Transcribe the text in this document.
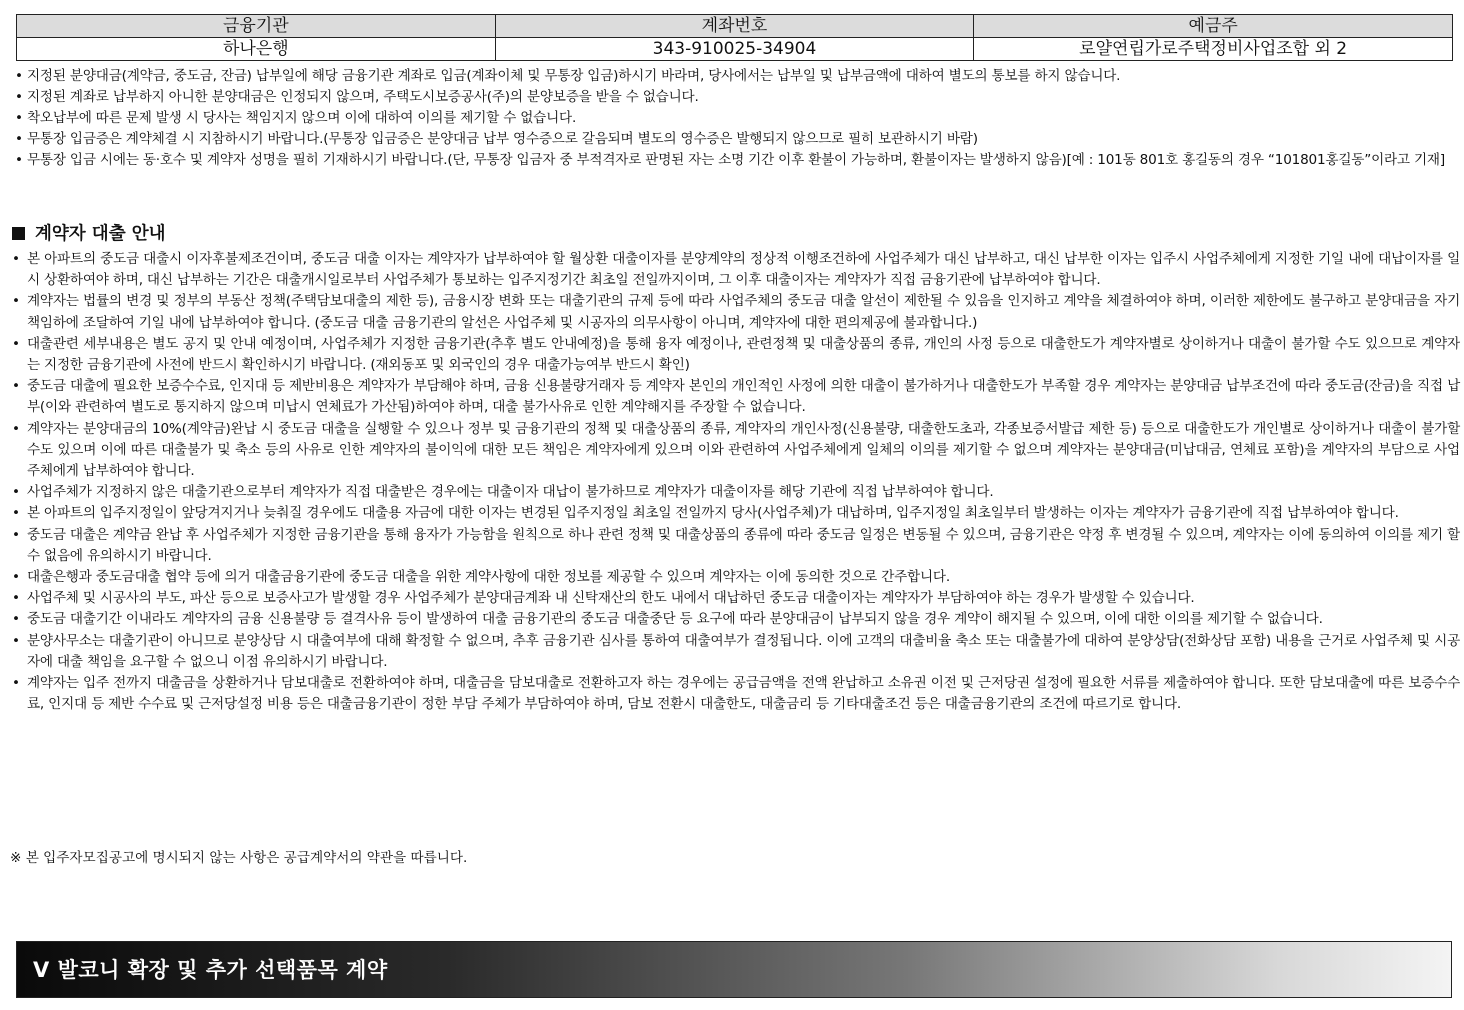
금융기관	계좌번호	예금주
하나은행	343-910025-34904	로얄연립가로주택정비사업조합 외 2
• 지정된 분양대금(계약금, 중도금, 잔금) 납부일에 해당 금융기관 계좌로 입금(계좌이체 및 무통장 입금)하시기 바라며, 당사에서는 납부일 및 납부금액에 대하여 별도의 통보를 하지 않습니다.
• 지정된 계좌로 납부하지 아니한 분양대금은 인정되지 않으며, 주택도시보증공사(주)의 분양보증을 받을 수 없습니다.
• 착오납부에 따른 문제 발생 시 당사는 책임지지 않으며 이에 대하여 이의를 제기할 수 없습니다.
• 무통장 입금증은 계약체결 시 지참하시기 바랍니다.(무통장 입금증은 분양대금 납부 영수증으로 갈음되며 별도의 영수증은 발행되지 않으므로 필히 보관하시기 바람)
• 무통장 입금 시에는 동·호수 및 계약자 성명을 필히 기재하시기 바랍니다.(단, 무통장 입금자 중 부적격자로 판명된 자는 소명 기간 이후 환불이 가능하며, 환불이자는 발생하지 않음)[예 : 101동 801호 홍길동의 경우 “101801홍길동”이라고 기재]
계약자 대출 안내
• 본 아파트의 중도금 대출시 이자후불제조건이며, 중도금 대출 이자는 계약자가 납부하여야 할 월상환 대출이자를 분양계약의 정상적 이행조건하에 사업주체가 대신 납부하고, 대신 납부한 이자는 입주시 사업주체에게 지정한 기일 내에 대납이자를 일시 상환하여야 하며, 대신 납부하는 기간은 대출개시일로부터 사업주체가 통보하는 입주지정기간 최초일 전일까지이며, 그 이후 대출이자는 계약자가 직접 금융기관에 납부하여야 합니다.
• 계약자는 법률의 변경 및 정부의 부동산 정책(주택담보대출의 제한 등), 금융시장 변화 또는 대출기관의 규제 등에 따라 사업주체의 중도금 대출 알선이 제한될 수 있음을 인지하고 계약을 체결하여야 하며, 이러한 제한에도 불구하고 분양대금을 자기 책임하에 조달하여 기일 내에 납부하여야 합니다. (중도금 대출 금융기관의 알선은 사업주체 및 시공자의 의무사항이 아니며, 계약자에 대한 편의제공에 불과합니다.)
• 대출관련 세부내용은 별도 공지 및 안내 예정이며, 사업주체가 지정한 금융기관(추후 별도 안내예정)을 통해 융자 예정이나, 관련정책 및 대출상품의 종류, 개인의 사정 등으로 대출한도가 계약자별로 상이하거나 대출이 불가할 수도 있으므로 계약자는 지정한 금융기관에 사전에 반드시 확인하시기 바랍니다. (재외동포 및 외국인의 경우 대출가능여부 반드시 확인)
• 중도금 대출에 필요한 보증수수료, 인지대 등 제반비용은 계약자가 부담해야 하며, 금융 신용불량거래자 등 계약자 본인의 개인적인 사정에 의한 대출이 불가하거나 대출한도가 부족할 경우 계약자는 분양대금 납부조건에 따라 중도금(잔금)을 직접 납부(이와 관련하여 별도로 통지하지 않으며 미납시 연체료가 가산됨)하여야 하며, 대출 불가사유로 인한 계약해지를 주장할 수 없습니다.
• 계약자는 분양대금의 10%(계약금)완납 시 중도금 대출을 실행할 수 있으나 정부 및 금융기관의 정책 및 대출상품의 종류, 계약자의 개인사정(신용불량, 대출한도초과, 각종보증서발급 제한 등) 등으로 대출한도가 개인별로 상이하거나 대출이 불가할 수도 있으며 이에 따른 대출불가 및 축소 등의 사유로 인한 계약자의 불이익에 대한 모든 책임은 계약자에게 있으며 이와 관련하여 사업주체에게 일체의 이의를 제기할 수 없으며 계약자는 분양대금(미납대금, 연체료 포함)을 계약자의 부담으로 사업주체에게 납부하여야 합니다.
• 사업주체가 지정하지 않은 대출기관으로부터 계약자가 직접 대출받은 경우에는 대출이자 대납이 불가하므로 계약자가 대출이자를 해당 기관에 직접 납부하여야 합니다.
• 본 아파트의 입주지정일이 앞당겨지거나 늦춰질 경우에도 대출용 자금에 대한 이자는 변경된 입주지정일 최초일 전일까지 당사(사업주체)가 대납하며, 입주지정일 최초일부터 발생하는 이자는 계약자가 금융기관에 직접 납부하여야 합니다.
• 중도금 대출은 계약금 완납 후 사업주체가 지정한 금융기관을 통해 융자가 가능함을 원칙으로 하나 관련 정책 및 대출상품의 종류에 따라 중도금 일정은 변동될 수 있으며, 금융기관은 약정 후 변경될 수 있으며, 계약자는 이에 동의하여 이의를 제기 할 수 없음에 유의하시기 바랍니다.
• 대출은행과 중도금대출 협약 등에 의거 대출금융기관에 중도금 대출을 위한 계약사항에 대한 정보를 제공할 수 있으며 계약자는 이에 동의한 것으로 간주합니다.
• 사업주체 및 시공사의 부도, 파산 등으로 보증사고가 발생할 경우 사업주체가 분양대금계좌 내 신탁재산의 한도 내에서 대납하던 중도금 대출이자는 계약자가 부담하여야 하는 경우가 발생할 수 있습니다.
• 중도금 대출기간 이내라도 계약자의 금융 신용불량 등 결격사유 등이 발생하여 대출 금융기관의 중도금 대출중단 등 요구에 따라 분양대금이 납부되지 않을 경우 계약이 해지될 수 있으며, 이에 대한 이의를 제기할 수 없습니다.
• 분양사무소는 대출기관이 아니므로 분양상담 시 대출여부에 대해 확정할 수 없으며, 추후 금융기관 심사를 통하여 대출여부가 결정됩니다. 이에 고객의 대출비율 축소 또는 대출불가에 대하여 분양상담(전화상담 포함) 내용을 근거로 사업주체 및 시공자에 대출 책임을 요구할 수 없으니 이점 유의하시기 바랍니다.
• 계약자는 입주 전까지 대출금을 상환하거나 담보대출로 전환하여야 하며, 대출금을 담보대출로 전환하고자 하는 경우에는 공급금액을 전액 완납하고 소유권 이전 및 근저당권 설정에 필요한 서류를 제출하여야 합니다. 또한 담보대출에 따른 보증수수료, 인지대 등 제반 수수료 및 근저당설정 비용 등은 대출금융기관이 정한 부담 주체가 부담하여야 하며, 담보 전환시 대출한도, 대출금리 등 기타대출조건 등은 대출금융기관의 조건에 따르기로 합니다.
※ 본 입주자모집공고에 명시되지 않는 사항은 공급계약서의 약관을 따릅니다.
V 발코니 확장 및 추가 선택품목 계약
